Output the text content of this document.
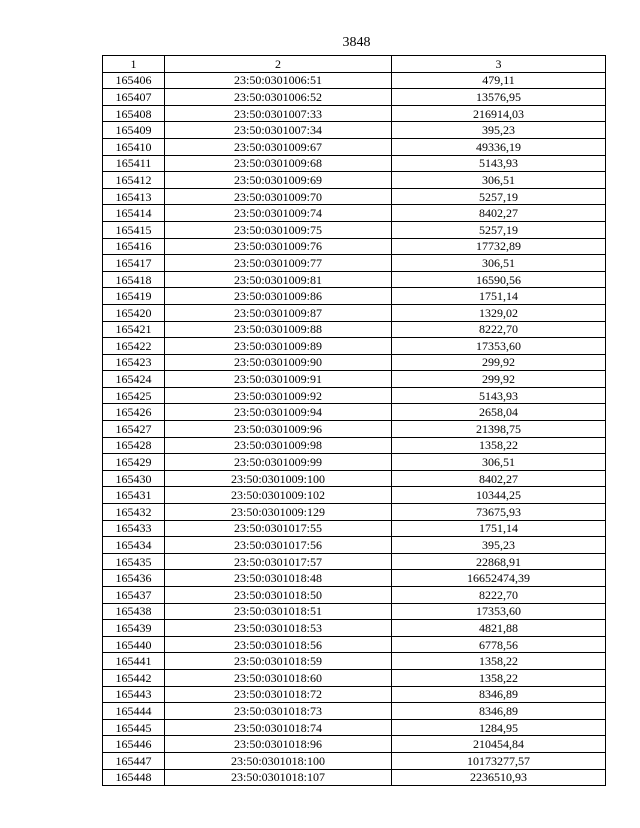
3848
1	2	3
165406	23:50:0301006:51	479,11
165407	23:50:0301006:52	13576,95
165408	23:50:0301007:33	216914,03
165409	23:50:0301007:34	395,23
165410	23:50:0301009:67	49336,19
165411	23:50:0301009:68	5143,93
165412	23:50:0301009:69	306,51
165413	23:50:0301009:70	5257,19
165414	23:50:0301009:74	8402,27
165415	23:50:0301009:75	5257,19
165416	23:50:0301009:76	17732,89
165417	23:50:0301009:77	306,51
165418	23:50:0301009:81	16590,56
165419	23:50:0301009:86	1751,14
165420	23:50:0301009:87	1329,02
165421	23:50:0301009:88	8222,70
165422	23:50:0301009:89	17353,60
165423	23:50:0301009:90	299,92
165424	23:50:0301009:91	299,92
165425	23:50:0301009:92	5143,93
165426	23:50:0301009:94	2658,04
165427	23:50:0301009:96	21398,75
165428	23:50:0301009:98	1358,22
165429	23:50:0301009:99	306,51
165430	23:50:0301009:100	8402,27
165431	23:50:0301009:102	10344,25
165432	23:50:0301009:129	73675,93
165433	23:50:0301017:55	1751,14
165434	23:50:0301017:56	395,23
165435	23:50:0301017:57	22868,91
165436	23:50:0301018:48	16652474,39
165437	23:50:0301018:50	8222,70
165438	23:50:0301018:51	17353,60
165439	23:50:0301018:53	4821,88
165440	23:50:0301018:56	6778,56
165441	23:50:0301018:59	1358,22
165442	23:50:0301018:60	1358,22
165443	23:50:0301018:72	8346,89
165444	23:50:0301018:73	8346,89
165445	23:50:0301018:74	1284,95
165446	23:50:0301018:96	210454,84
165447	23:50:0301018:100	10173277,57
165448	23:50:0301018:107	2236510,93
